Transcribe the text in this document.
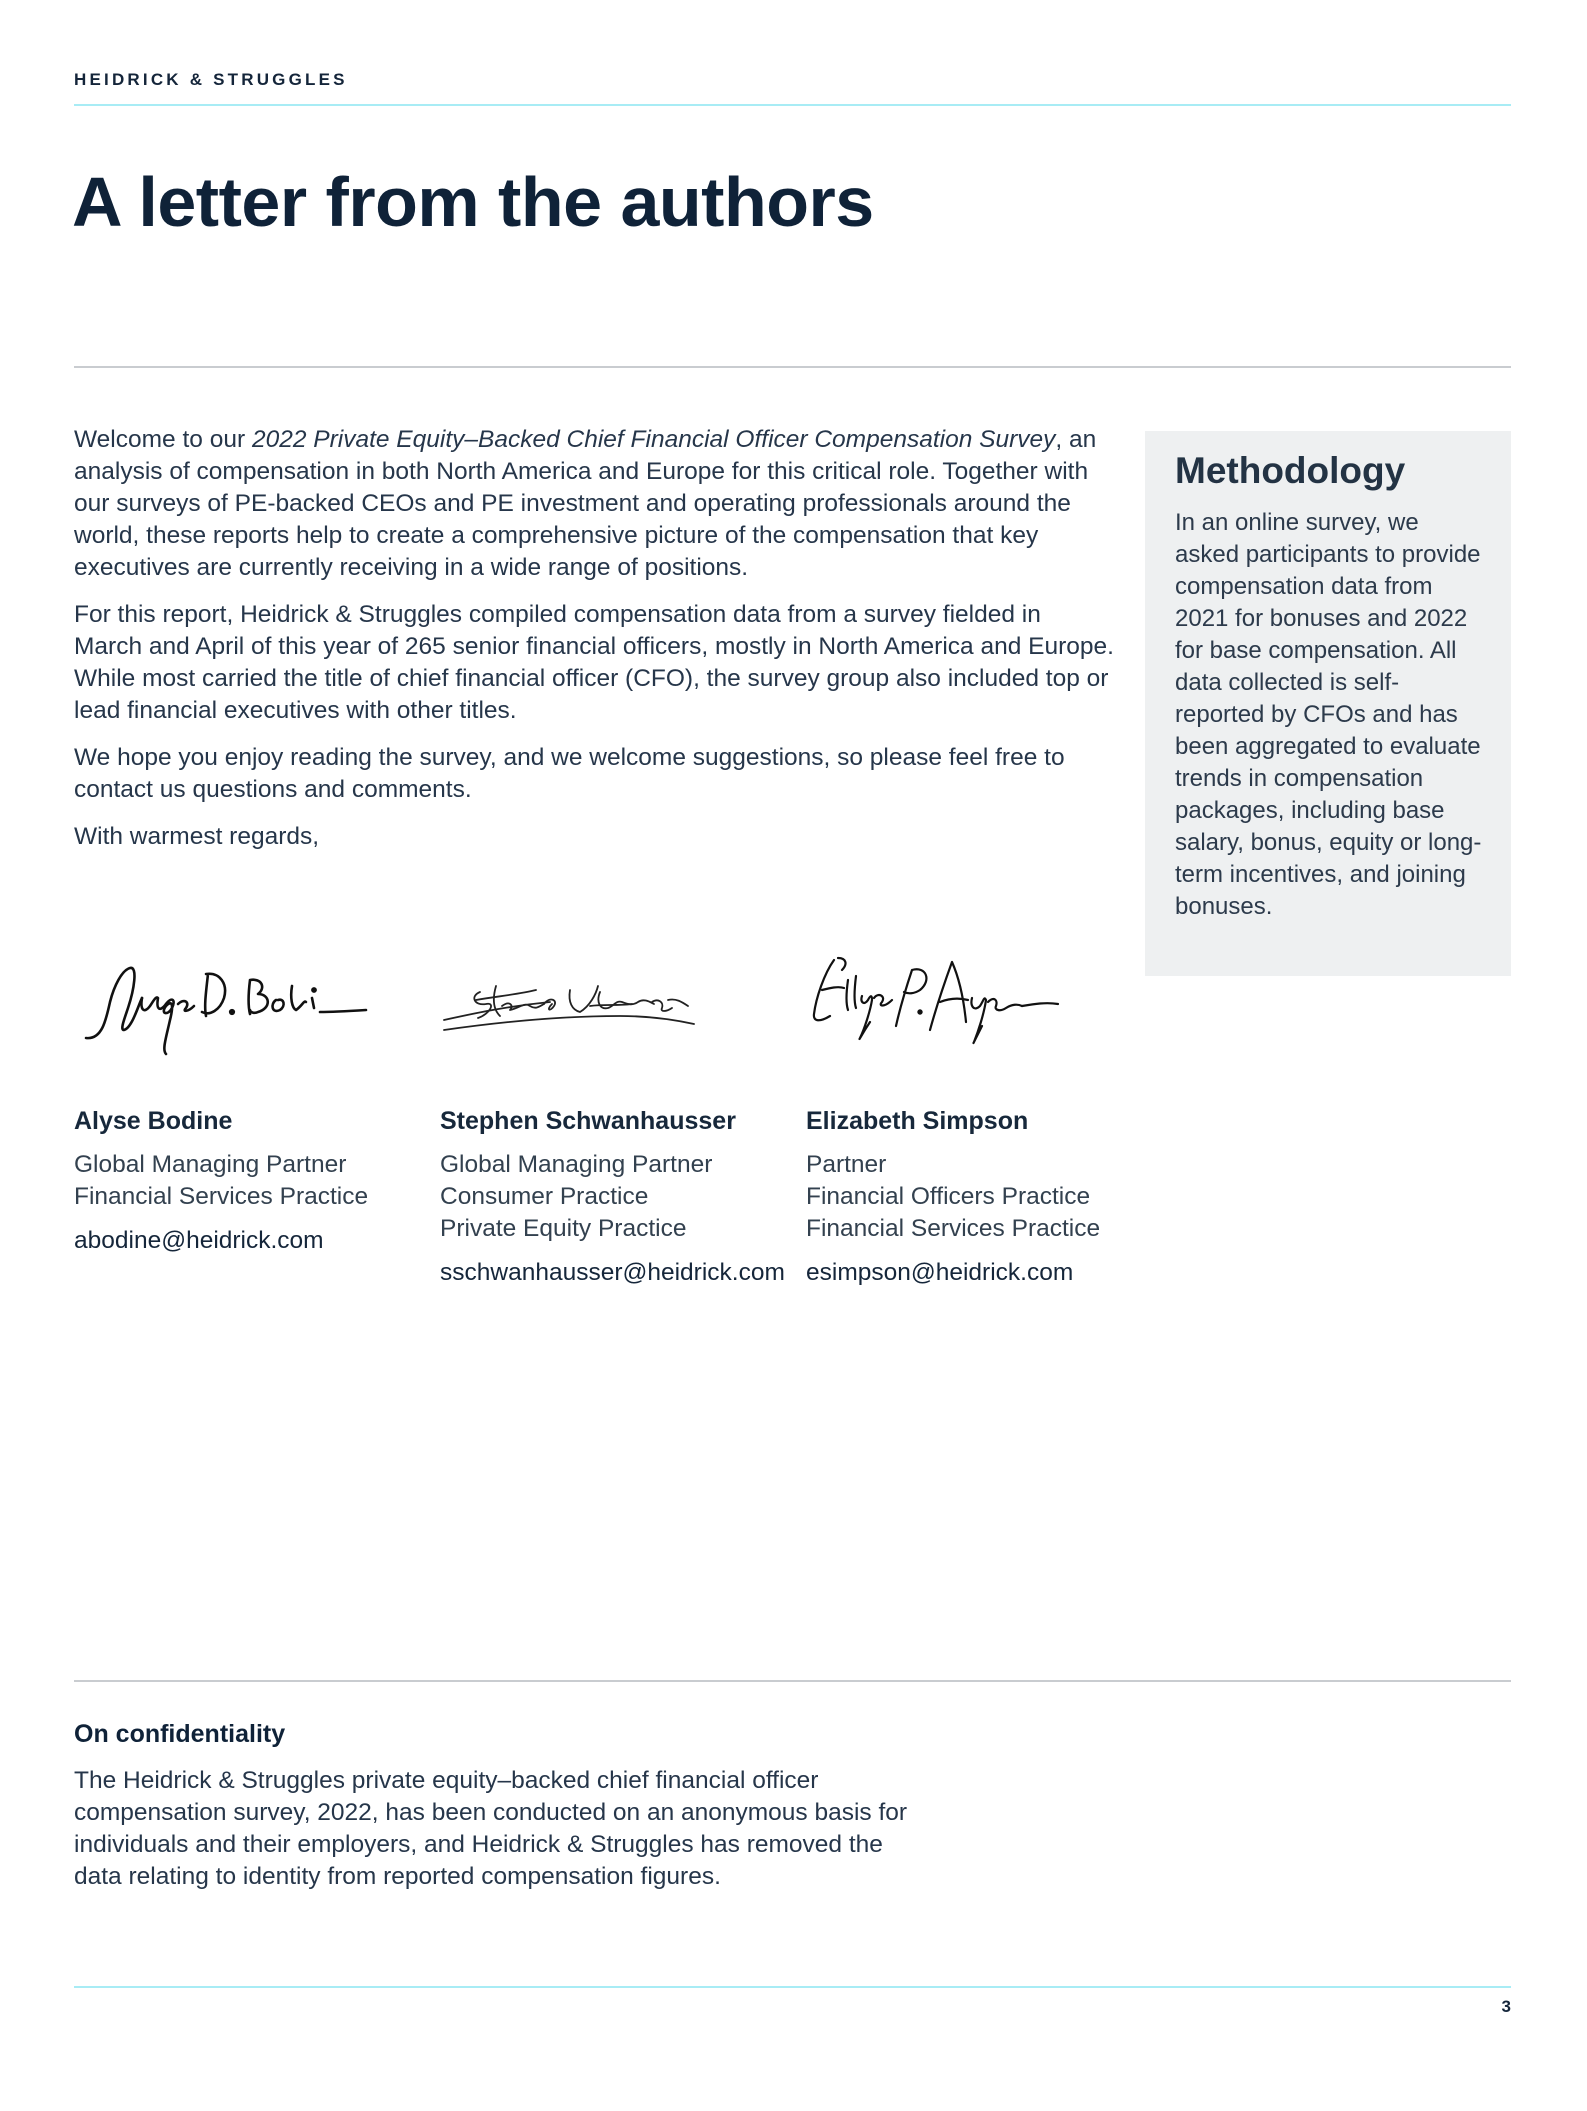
HEIDRICK & STRUGGLES
A letter from the authors

Welcome to our 2022 Private Equity–Backed Chief Financial Officer Compensation Survey, an analysis of compensation in both North America and Europe for this critical role. Together with our surveys of PE-backed CEOs and PE investment and operating professionals around the world, these reports help to create a comprehensive picture of the compensation that key executives are currently receiving in a wide range of positions.

For this report, Heidrick & Struggles compiled compensation data from a survey fielded in March and April of this year of 265 senior financial officers, mostly in North America and Europe. While most carried the title of chief financial officer (CFO), the survey group also included top or lead financial executives with other titles.

We hope you enjoy reading the survey, and we welcome suggestions, so please feel free to contact us questions and comments.

With warmest regards,

Methodology

In an online survey, we asked participants to provide compensation data from 2021 for bonuses and 2022 for base compensation. All data collected is self-reported by CFOs and has been aggregated to evaluate trends in compensation packages, including base salary, bonus, equity or long-term incentives, and joining bonuses.

Alyse Bodine
Global Managing Partner
Financial Services Practice
abodine@heidrick.com
Stephen Schwanhausser
Global Managing Partner
Consumer Practice
Private Equity Practice
sschwanhausser@heidrick.com
Elizabeth Simpson
Partner
Financial Officers Practice
Financial Services Practice
esimpson@heidrick.com
On confidentiality

The Heidrick & Struggles private equity–backed chief financial officer compensation survey, 2022, has been conducted on an anonymous basis for individuals and their employers, and Heidrick & Struggles has removed the data relating to identity from reported compensation figures.

3
